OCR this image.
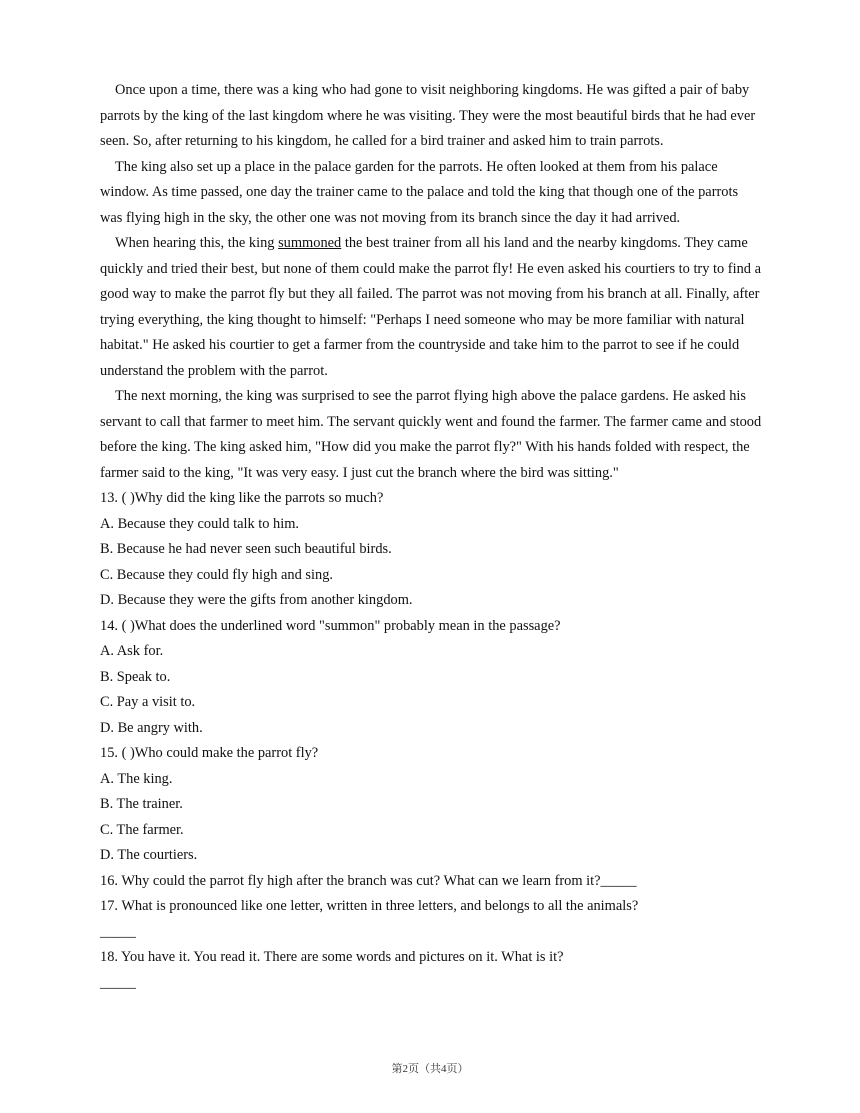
Once upon a time, there was a king who had gone to visit neighboring kingdoms. He was gifted a pair of baby parrots by the king of the last kingdom where he was visiting. They were the most beautiful birds that he had ever seen. So, after returning to his kingdom, he called for a bird trainer and asked him to train parrots.

The king also set up a place in the palace garden for the parrots. He often looked at them from his palace window. As time passed, one day the trainer came to the palace and told the king that though one of the parrots was flying high in the sky, the other one was not moving from its branch since the day it had arrived.

When hearing this, the king summoned the best trainer from all his land and the nearby kingdoms. They came quickly and tried their best, but none of them could make the parrot fly! He even asked his courtiers to try to find a good way to make the parrot fly but they all failed. The parrot was not moving from his branch at all. Finally, after trying everything, the king thought to himself: "Perhaps I need someone who may be more familiar with natural habitat." He asked his courtier to get a farmer from the countryside and take him to the parrot to see if he could understand the problem with the parrot.

The next morning, the king was surprised to see the parrot flying high above the palace gardens. He asked his servant to call that farmer to meet him. The servant quickly went and found the farmer. The farmer came and stood before the king. The king asked him, "How did you make the parrot fly?" With his hands folded with respect, the farmer said to the king, "It was very easy. I just cut the branch where the bird was sitting."

13. ( )Why did the king like the parrots so much?

A. Because they could talk to him.

B. Because he had never seen such beautiful birds.

C. Because they could fly high and sing.

D. Because they were the gifts from another kingdom.

14. ( )What does the underlined word "summon" probably mean in the passage?

A. Ask for.

B. Speak to.

C. Pay a visit to.

D. Be angry with.

15. ( )Who could make the parrot fly?

A. The king.

B. The trainer.

C. The farmer.

D. The courtiers.

16. Why could the parrot fly high after the branch was cut? What can we learn from it?_____

17. What is pronounced like one letter, written in three letters, and belongs to all the animals?

_____

18. You have it. You read it. There are some words and pictures on it. What is it?

_____

第2页（共4页）
